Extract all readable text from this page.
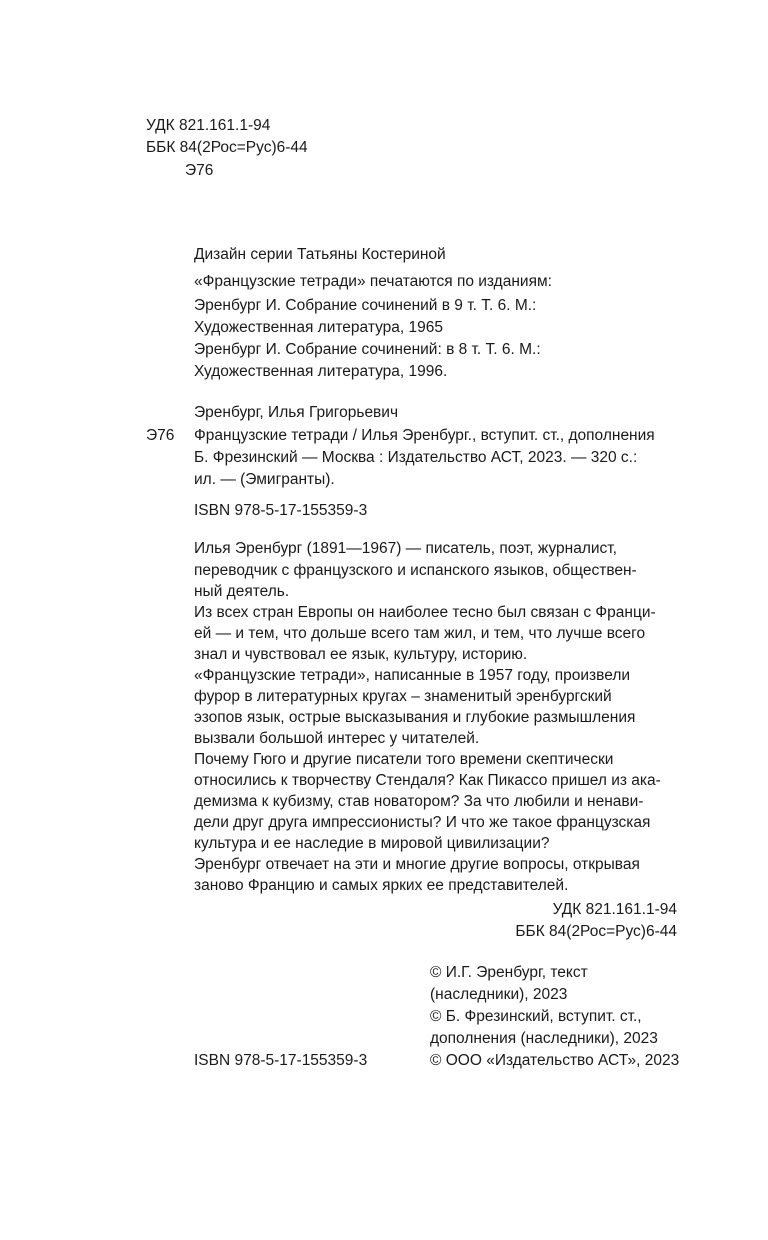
УДК 821.161.1-94
ББК 84(2Рос=Рус)6-44
Э76
Дизайн серии Татьяны Костериной
«Французские тетради» печатаются по изданиям:
Эренбург И. Собрание сочинений в 9 т. Т. 6. М.:
Художественная литература, 1965
Эренбург И. Собрание сочинений: в 8 т. Т. 6. М.:
Художественная литература, 1996.
Эренбург, Илья Григорьевич
Э76 Французские тетради / Илья Эренбург., вступит. ст., дополнения
Б. Фрезинский — Москва : Издательство АСТ, 2023. — 320 с.:
ил. — (Эмигранты).
ISBN 978-5-17-155359-3
Илья Эренбург (1891—1967) — писатель, поэт, журналист,
переводчик с французского и испанского языков, обществен-
ный деятель.
Из всех стран Европы он наиболее тесно был связан с Франци-
ей — и тем, что дольше всего там жил, и тем, что лучше всего
знал и чувствовал ее язык, культуру, историю.
«Французские тетради», написанные в 1957 году, произвели
фурор в литературных кругах – знаменитый эренбургский
эзопов язык, острые высказывания и глубокие размышления
вызвали большой интерес у читателей.
Почему Гюго и другие писатели того времени скептически
относились к творчеству Стендаля? Как Пикассо пришел из ака-
демизма к кубизму, став новатором? За что любили и ненави-
дели друг друга импрессионисты? И что же такое французская
культура и ее наследие в мировой цивилизации?
Эренбург отвечает на эти и многие другие вопросы, открывая
заново Францию и самых ярких ее представителей.
УДК 821.161.1-94
ББК 84(2Рос=Рус)6-44
© И.Г. Эренбург, текст
(наследники), 2023
© Б. Фрезинский, вступит. ст.,
дополнения (наследники), 2023
ISBN 978-5-17-155359-3	© ООО «Издательство АСТ», 2023
